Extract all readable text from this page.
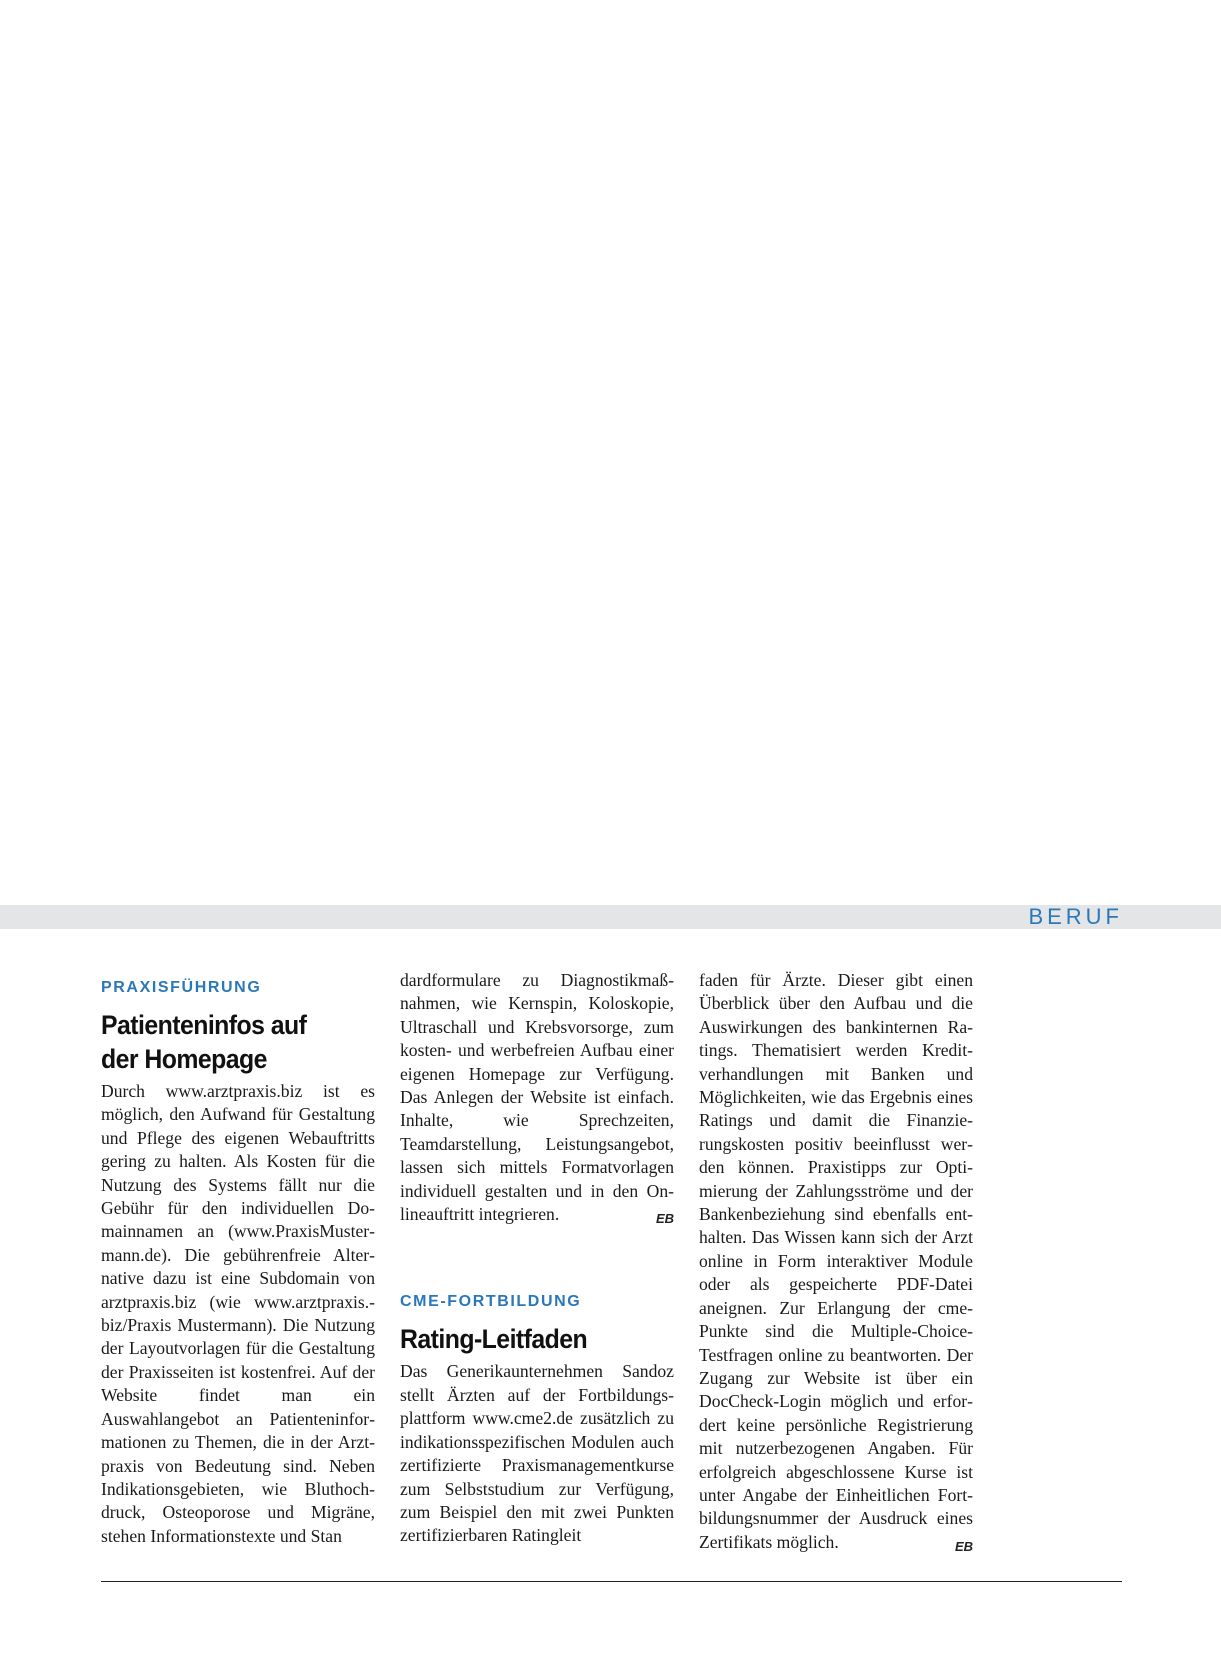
BERUF
PRAXISFÜHRUNG
Patienteninfos auf
der Homepage

Durch www.arztpraxis.biz ist es möglich, den Aufwand für Gestaltung und Pflege des eigenen Webauftritts gering zu halten. Als Kosten für die Nutzung des Systems fällt nur die Gebühr für den individuellen Domainnamen an (www.PraxisMustermann.de). Die gebührenfreie Alternative dazu ist eine Subdomain von arztpraxis.biz (wie www.arztpraxis.biz/Praxis Mustermann). Die Nutzung der Layoutvorlagen für die Gestaltung der Praxisseiten ist kostenfrei. Auf der Website findet man ein Auswahlangebot an Patienteninformationen zu Themen, die in der Arztpraxis von Bedeutung sind. Neben Indikationsgebieten, wie Bluthochdruck, Osteoporose und Migräne, stehen Informationstexte und Stan

dardformulare zu Diagnostikmaßnahmen, wie Kernspin, Koloskopie, Ultraschall und Krebsvorsorge, zum kosten- und werbefreien Aufbau einer eigenen Homepage zur Verfügung. Das Anlegen der Website ist einfach. Inhalte, wie Sprechzeiten, Teamdarstellung, Leistungsangebot, lassen sich mittels Formatvorlagen individuell gestalten und in den Onlineauftritt integrieren.	EB

CME-FORTBILDUNG
Rating-Leitfaden

Das Generikaunternehmen Sandoz stellt Ärzten auf der Fortbildungsplattform www.cme2.de zusätzlich zu indikationsspezifischen Modulen auch zertifizierte Praxismanagementkurse zum Selbststudium zur Verfügung, zum Beispiel den mit zwei Punkten zertifizierbaren Ratingleit

faden für Ärzte. Dieser gibt einen Überblick über den Aufbau und die Auswirkungen des bankinternen Ratings. Thematisiert werden Kreditverhandlungen mit Banken und Möglichkeiten, wie das Ergebnis eines Ratings und damit die Finanzierungskosten positiv beeinflusst werden können. Praxistipps zur Optimierung der Zahlungsströme und der Bankenbeziehung sind ebenfalls enthalten. Das Wissen kann sich der Arzt online in Form interaktiver Module oder als gespeicherte PDF-Datei aneignen. Zur Erlangung der cme-Punkte sind die Multiple-Choice-Testfragen online zu beantworten. Der Zugang zur Website ist über ein DocCheck-Login möglich und erfordert keine persönliche Registrierung mit nutzerbezogenen Angaben. Für erfolgreich abgeschlossene Kurse ist unter Angabe der Einheitlichen Fortbildungsnummer der Ausdruck eines Zertifikats möglich.	EB
